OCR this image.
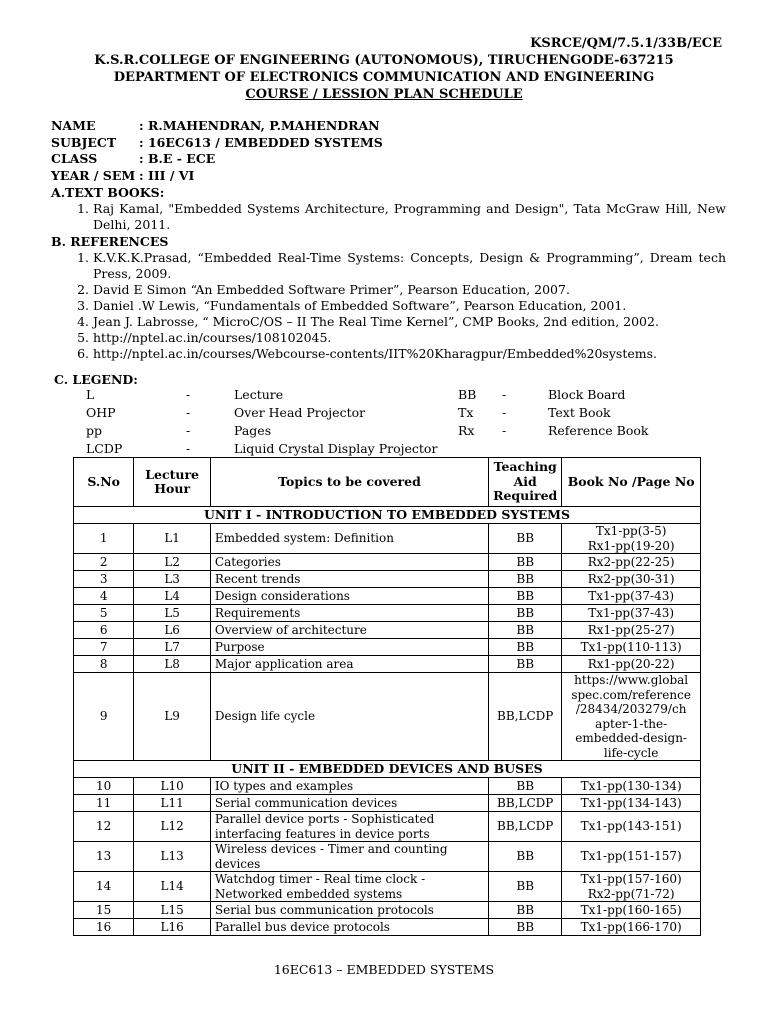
KSRCE/QM/7.5.1/33B/ECE
K.S.R.COLLEGE OF ENGINEERING (AUTONOMOUS), TIRUCHENGODE-637215
DEPARTMENT OF ELECTRONICS COMMUNICATION AND ENGINEERING
COURSE / LESSION PLAN SCHEDULE
NAME	: R.MAHENDRAN, P.MAHENDRAN
SUBJECT	: 16EC613 / EMBEDDED SYSTEMS
CLASS	: B.E - ECE
YEAR / SEM : III / VI
A.TEXT BOOKS:
1. Raj Kamal, "Embedded Systems Architecture, Programming and Design", Tata McGraw Hill, New Delhi, 2011.
B. REFERENCES
1. K.V.K.K.Prasad, “Embedded Real-Time Systems: Concepts, Design & Programming”, Dream tech Press, 2009.
2. David E Simon “An Embedded Software Primer”, Pearson Education, 2007.
3. Daniel .W Lewis, “Fundamentals of Embedded Software”, Pearson Education, 2001.
4. Jean J. Labrosse, “ MicroC/OS – II The Real Time Kernel”, CMP Books, 2nd edition, 2002.
5. http://nptel.ac.in/courses/108102045.
6. http://nptel.ac.in/courses/Webcourse-contents/IIT%20Kharagpur/Embedded%20systems.
C. LEGEND:
L	-	Lecture	BB	-	Block Board
OHP	-	Over Head Projector	Tx	-	Text Book
pp	-	Pages	Rx	-	Reference Book
LCDP	-	Liquid Crystal Display Projector
S.No	Lecture Hour	Topics to be covered	Teaching Aid Required	Book No /Page No
UNIT I - INTRODUCTION TO EMBEDDED SYSTEMS				
1	L1	Embedded system: Definition	BB	Tx1-pp(3-5)
Rx1-pp(19-20)
2	L2	Categories	BB	Rx2-pp(22-25)
3	L3	Recent trends	BB	Rx2-pp(30-31)
4	L4	Design considerations	BB	Tx1-pp(37-43)
5	L5	Requirements	BB	Tx1-pp(37-43)
6	L6	Overview of architecture	BB	Rx1-pp(25-27)
7	L7	Purpose	BB	Tx1-pp(110-113)
8	L8	Major application area	BB	Rx1-pp(20-22)
9	L9	Design life cycle	BB,LCDP	https://www.global spec.com/reference /28434/203279/ch apter-1-the- embedded-design- life-cycle
UNIT II - EMBEDDED DEVICES AND BUSES				
10	L10	IO types and examples	BB	Tx1-pp(130-134)
11	L11	Serial communication devices	BB,LCDP	Tx1-pp(134-143)
12	L12	Parallel device ports - Sophisticated interfacing features in device ports	BB,LCDP	Tx1-pp(143-151)
13	L13	Wireless devices - Timer and counting devices	BB	Tx1-pp(151-157)
14	L14	Watchdog timer - Real time clock - Networked embedded systems	BB	Tx1-pp(157-160)
Rx2-pp(71-72)
15	L15	Serial bus communication protocols	BB	Tx1-pp(160-165)
16	L16	Parallel bus device protocols	BB	Tx1-pp(166-170)
16EC613 – EMBEDDED SYSTEMS
